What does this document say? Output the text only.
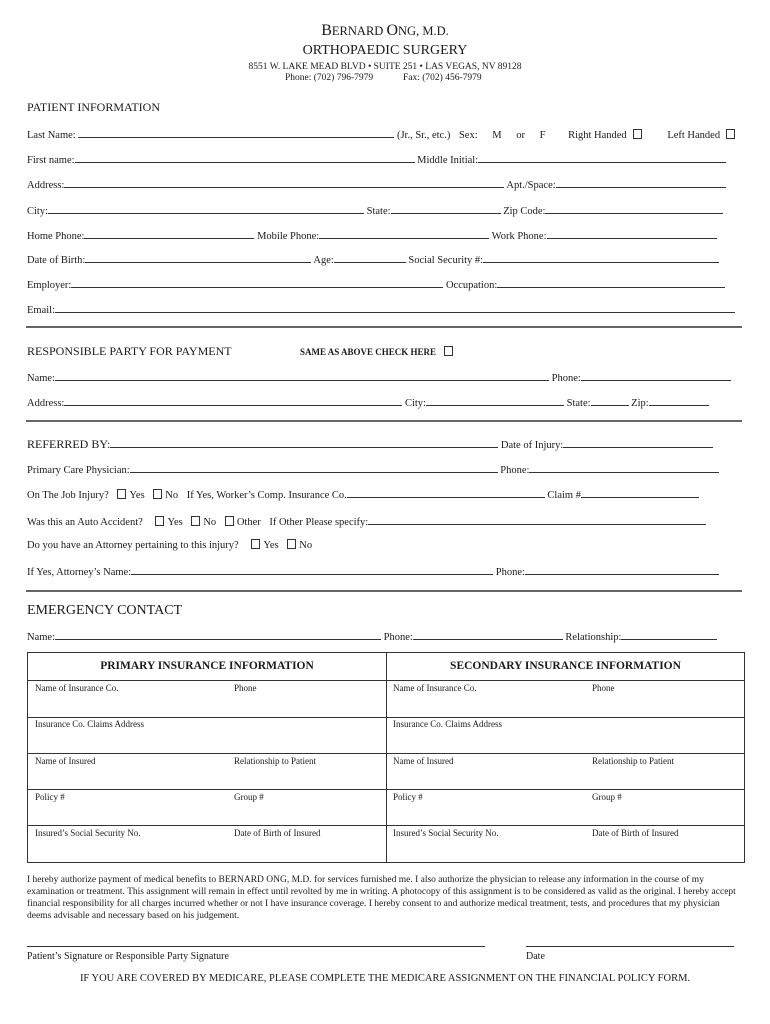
BERNARD ONG, M.D.
ORTHOPAEDIC SURGERY
8551 W. LAKE MEAD BLVD • SUITE 251 • LAS VEGAS, NV 89128
Phone: (702) 796-7979	Fax: (702) 456-7979
PATIENT INFORMATION
Last Name:	(Jr., Sr., etc.) Sex: M or F Right Handed	Left Handed
First name:	Middle Initial:
Address:	Apt./Space:
City:	State:	Zip Code:
Home Phone:	Mobile Phone:	Work Phone:
Date of Birth:	Age:	Social Security #:
Employer:	Occupation:
Email:
RESPONSIBLE PARTY FOR PAYMENT	SAME AS ABOVE CHECK HERE
Name:	Phone:
Address:	City:	State:	Zip:
REFERRED BY:	Date of Injury:
Primary Care Physician:	Phone:
On The Job Injury? Yes No If Yes, Worker’s Comp. Insurance Co.	Claim #
Was this an Auto Accident? Yes No Other If Other Please specify:
Do you have an Attorney pertaining to this injury? Yes No
If Yes, Attorney’s Name:	Phone:
EMERGENCY CONTACT
Name:	Phone:	Relationship:
PRIMARY INSURANCE INFORMATION	SECONDARY INSURANCE INFORMATION
Name of Insurance Co.	Phone	Name of Insurance Co.	Phone
Insurance Co. Claims Address	Insurance Co. Claims Address
Name of Insured	Relationship to Patient	Name of Insured	Relationship to Patient
Policy #	Group #	Policy #	Group #
Insured’s Social Security No.	Date of Birth of Insured	Insured’s Social Security No.	Date of Birth of Insured
I hereby authorize payment of medical benefits to BERNARD ONG, M.D. for services furnished me. I also authorize the physician to release any information in the course of my examination or treatment. This assignment will remain in effect until revolted by me in writing. A photocopy of this assignment is to be considered as valid as the original. I hereby accept financial responsibility for all charges incurred whether or not I have insurance coverage. I hereby consent to and authorize medical treatment, tests, and procedures that my physician deems advisable and necessary based on his judgement.
Patient’s Signature or Responsible Party Signature	Date
IF YOU ARE COVERED BY MEDICARE, PLEASE COMPLETE THE MEDICARE ASSIGNMENT ON THE FINANCIAL POLICY FORM.
